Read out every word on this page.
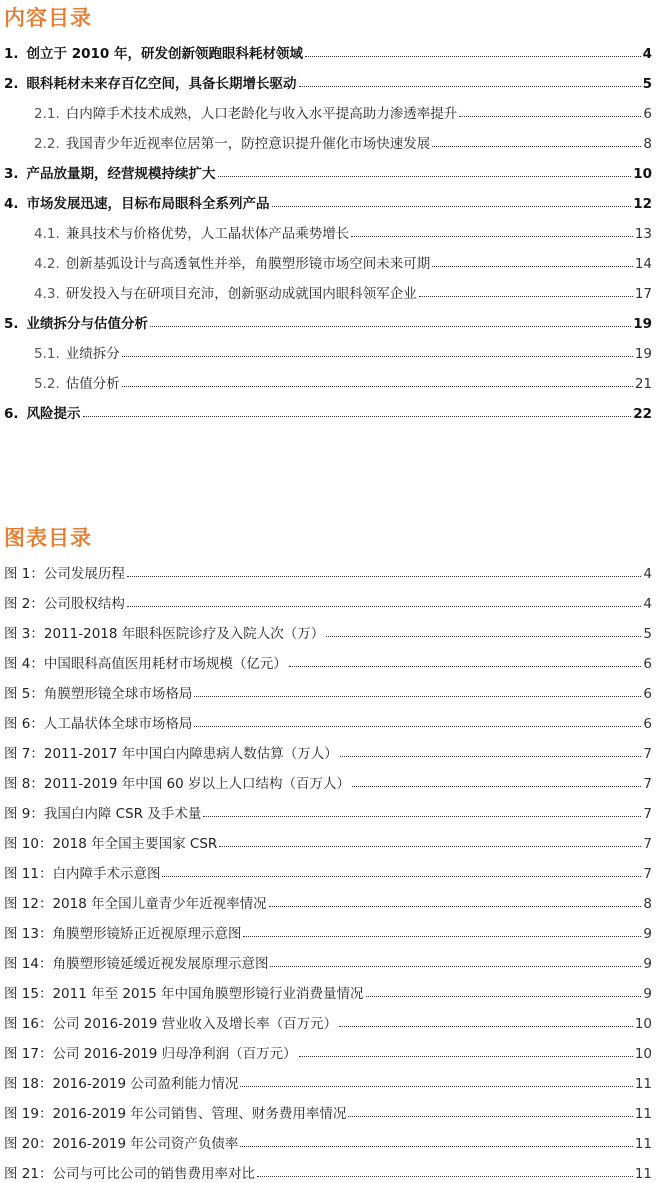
内容目录
1. 创立于 2010 年，研发创新领跑眼科耗材领域	4
2. 眼科耗材未来存百亿空间，具备长期增长驱动	5
2.1. 白内障手术技术成熟，人口老龄化与收入水平提高助力渗透率提升	6
2.2. 我国青少年近视率位居第一，防控意识提升催化市场快速发展	8
3. 产品放量期，经营规模持续扩大	10
4. 市场发展迅速，目标布局眼科全系列产品	12
4.1. 兼具技术与价格优势，人工晶状体产品乘势增长	13
4.2. 创新基弧设计与高透氧性并举，角膜塑形镜市场空间未来可期	14
4.3. 研发投入与在研项目充沛，创新驱动成就国内眼科领军企业	17
5. 业绩拆分与估值分析	19
5.1. 业绩拆分	19
5.2. 估值分析	21
6. 风险提示	22
图表目录
图 1：公司发展历程	4
图 2：公司股权结构	4
图 3：2011-2018 年眼科医院诊疗及入院人次（万）	5
图 4：中国眼科高值医用耗材市场规模（亿元）	6
图 5：角膜塑形镜全球市场格局	6
图 6：人工晶状体全球市场格局	6
图 7：2011-2017 年中国白内障患病人数估算（万人）	7
图 8：2011-2019 年中国 60 岁以上人口结构（百万人）	7
图 9：我国白内障 CSR 及手术量	7
图 10：2018 年全国主要国家 CSR	7
图 11：白内障手术示意图	7
图 12：2018 年全国儿童青少年近视率情况	8
图 13：角膜塑形镜矫正近视原理示意图	9
图 14：角膜塑形镜延缓近视发展原理示意图	9
图 15：2011 年至 2015 年中国角膜塑形镜行业消费量情况	9
图 16：公司 2016-2019 营业收入及增长率（百万元）	10
图 17：公司 2016-2019 归母净利润（百万元）	10
图 18：2016-2019 公司盈利能力情况	11
图 19：2016-2019 年公司销售、管理、财务费用率情况	11
图 20：2016-2019 年公司资产负债率	11
图 21：公司与可比公司的销售费用率对比	11
